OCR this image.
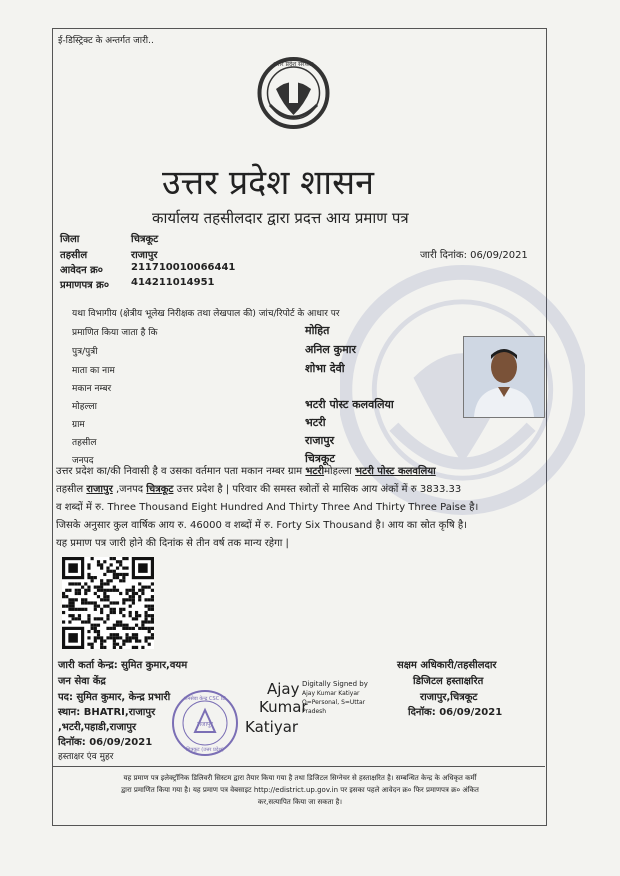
ई-डिस्ट्रिक्ट के अन्तर्गत जारी..
उत्तर प्रदेश सरकार
उत्तर प्रदेश शासन
कार्यालय तहसीलदार द्वारा प्रदत्त आय प्रमाण पत्र
जिला	चित्रकूट
तहसील	राजापुर
आवेदन क्र०	211710010066441
प्रमाणपत्र क्र० 414211014951
जारी दिनांक: 06/09/2021
यथा विभागीय (क्षेत्रीय भूलेख निरीक्षक तथा लेखपाल की) जांच/रिपोर्ट के आधार पर
प्रमाणित किया जाता है कि	मोहित
पुत्र/पुत्री	अनिल कुमार
माता का नाम	शोभा देवी
मकान नम्बर
मोहल्ला	भटरी पोस्ट कलवलिया
ग्राम	भटरी
तहसील	राजापुर
जनपद	चित्रकूट
उत्तर प्रदेश का/की निवासी है व उसका वर्तमान पता मकान नम्बर ग्राम भटरीमोहल्ला भटरी पोस्ट कलवलिया
तहसील राजापुर ,जनपद चित्रकूट उत्तर प्रदेश है | परिवार की समस्त स्त्रोतों से मासिक आय अंकों में रु 3833.33
व शब्दों में रु. Three Thousand Eight Hundred And Thirty Three And Thirty Three Paise है।
जिसके अनुसार कुल वार्षिक आय रु. 46000 व शब्दों में रु. Forty Six Thousand है। आय का स्रोत कृषि है।
यह प्रमाण पत्र जारी होने की दिनांक से तीन वर्ष तक मान्य रहेगा |
जारी कर्ता केन्द्र: सुमित कुमार,वयम
जन सेवा केंद्र
पद: सुमित कुमार, केन्द्र प्रभारी
स्थान: BHATRI,राजापुर
,भटरी,पहाडी,राजापुर
दिनॉक: 06/09/2021
हस्ताक्षर एंव मुहर
जनसेवा केन्द्र CSC ID
राजापुर
चित्रकूट (उत्तर प्रदेश)
Ajay
Kumar
Katiyar
Digitally Signed by
Ajay Kumar Katiyar
O=Personal, S=Uttar
Pradesh
सक्षम अधिकारी/तहसीलदार
डिजिटल हस्ताक्षरित
राजापुर,चित्रकूट
दिनॉक: 06/09/2021
यह प्रमाण पत्र इलेक्ट्रॉनिक डिलिवरी सिस्टम द्वारा तैयार किया गया है तथा डिजिटल सिग्नेचर से हस्ताक्षरित है। सम्बन्धित केन्द्र के अधिकृत कर्मी
द्वारा प्रमाणित किया गया है। यह प्रमाण पत्र वेबसाइट http://edistrict.up.gov.in पर इसका पहले आवेदन क्र० फिर प्रमाणपत्र क्र० अंकित
कर,सत्यापित किया जा सकता है।
